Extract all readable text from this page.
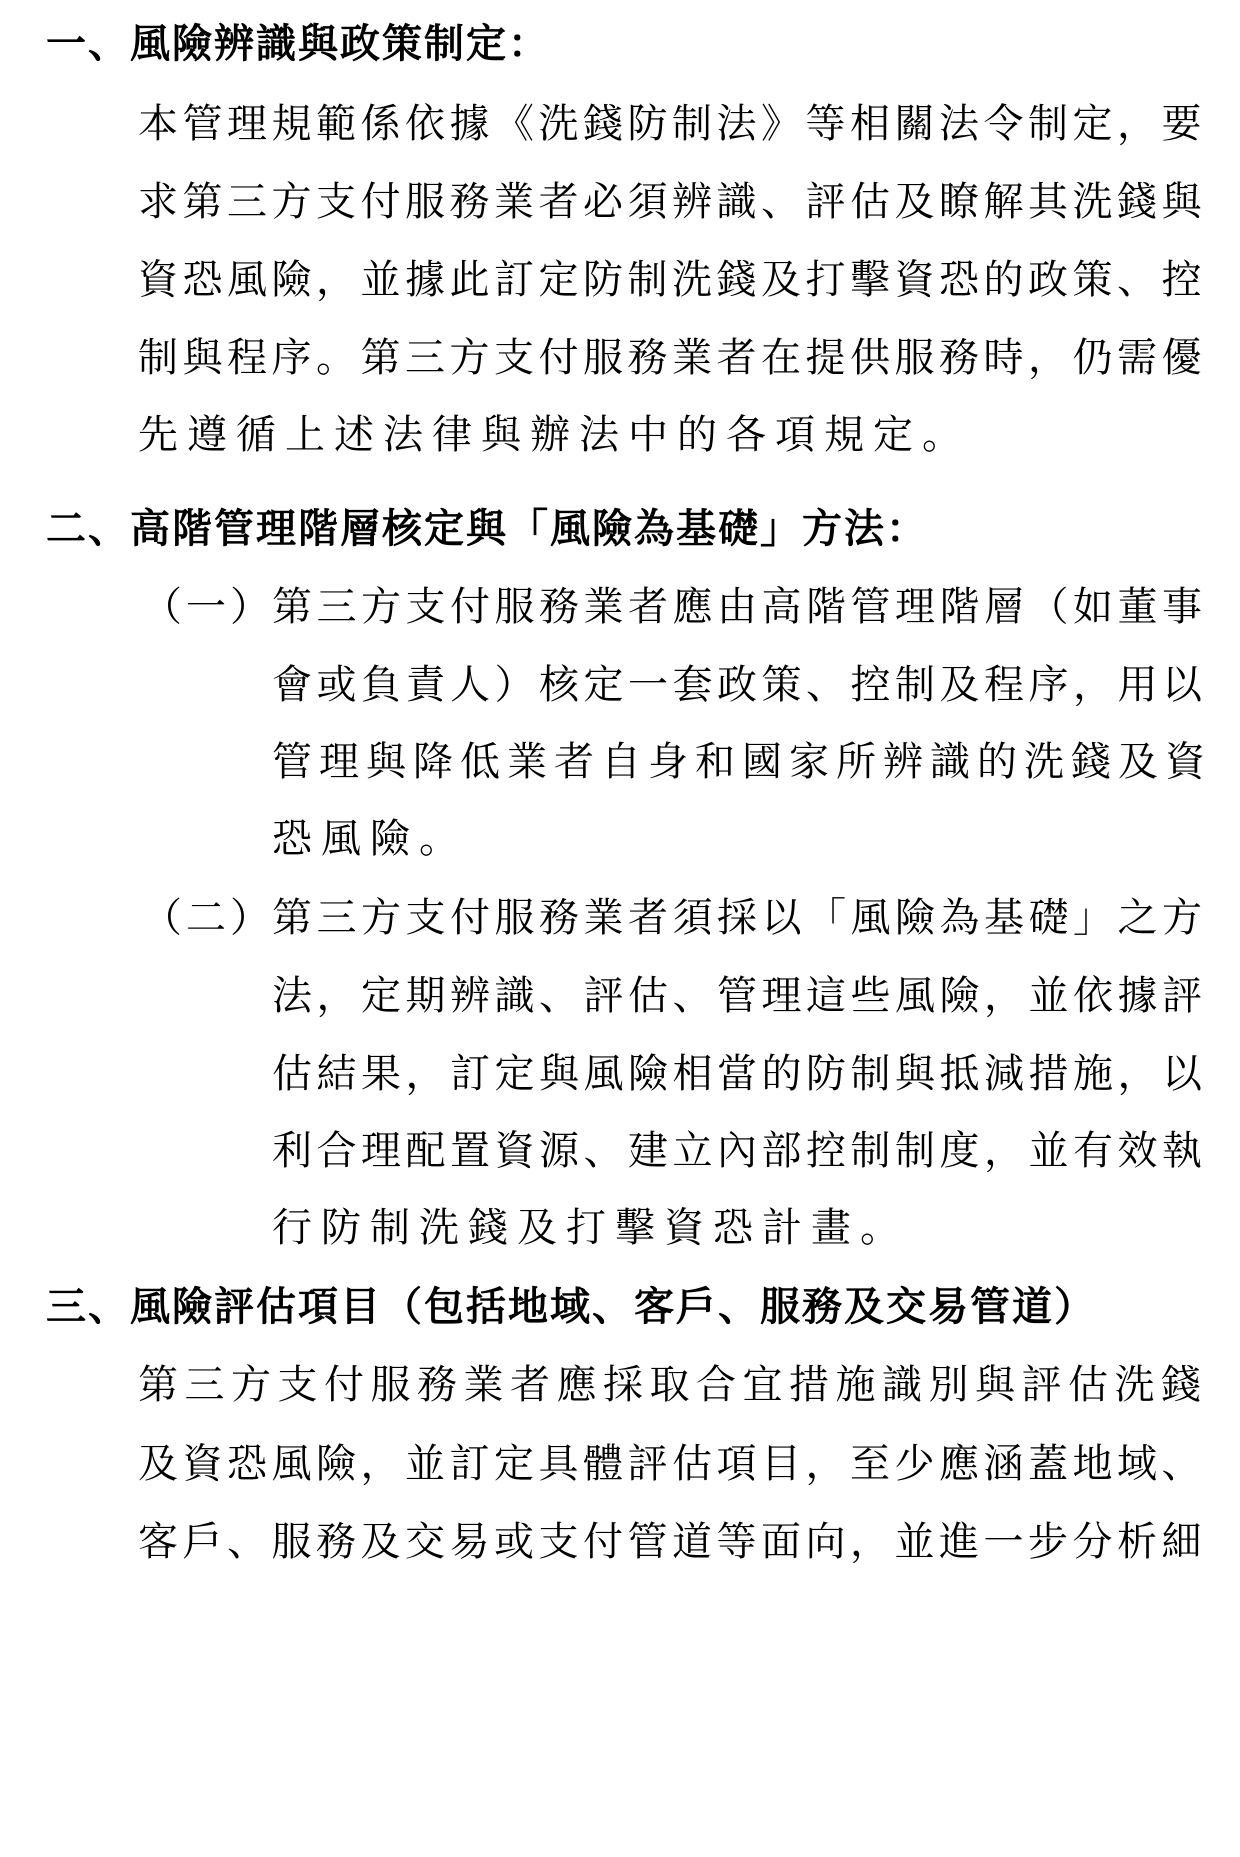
一、風險辨識與政策制定：
本管理規範係依據《洗錢防制法》等相關法令制定，要
求第三方支付服務業者必須辨識、評估及瞭解其洗錢與
資恐風險，並據此訂定防制洗錢及打擊資恐的政策、控
制與程序。第三方支付服務業者在提供服務時，仍需優
先遵循上述法律與辦法中的各項規定。
二、高階管理階層核定與「風險為基礎」方法：
（一）
第三方支付服務業者應由高階管理階層（如董事
會或負責人）核定一套政策、控制及程序，用以
管理與降低業者自身和國家所辨識的洗錢及資
恐風險。
（二）
第三方支付服務業者須採以「風險為基礎」之方
法，定期辨識、評估、管理這些風險，並依據評
估結果，訂定與風險相當的防制與抵減措施，以
利合理配置資源、建立內部控制制度，並有效執
行防制洗錢及打擊資恐計畫。
三、風險評估項目（包括地域、客戶、服務及交易管道）
第三方支付服務業者應採取合宜措施識別與評估洗錢
及資恐風險，並訂定具體評估項目，至少應涵蓋地域、
客戶、服務及交易或支付管道等面向，並進一步分析細
